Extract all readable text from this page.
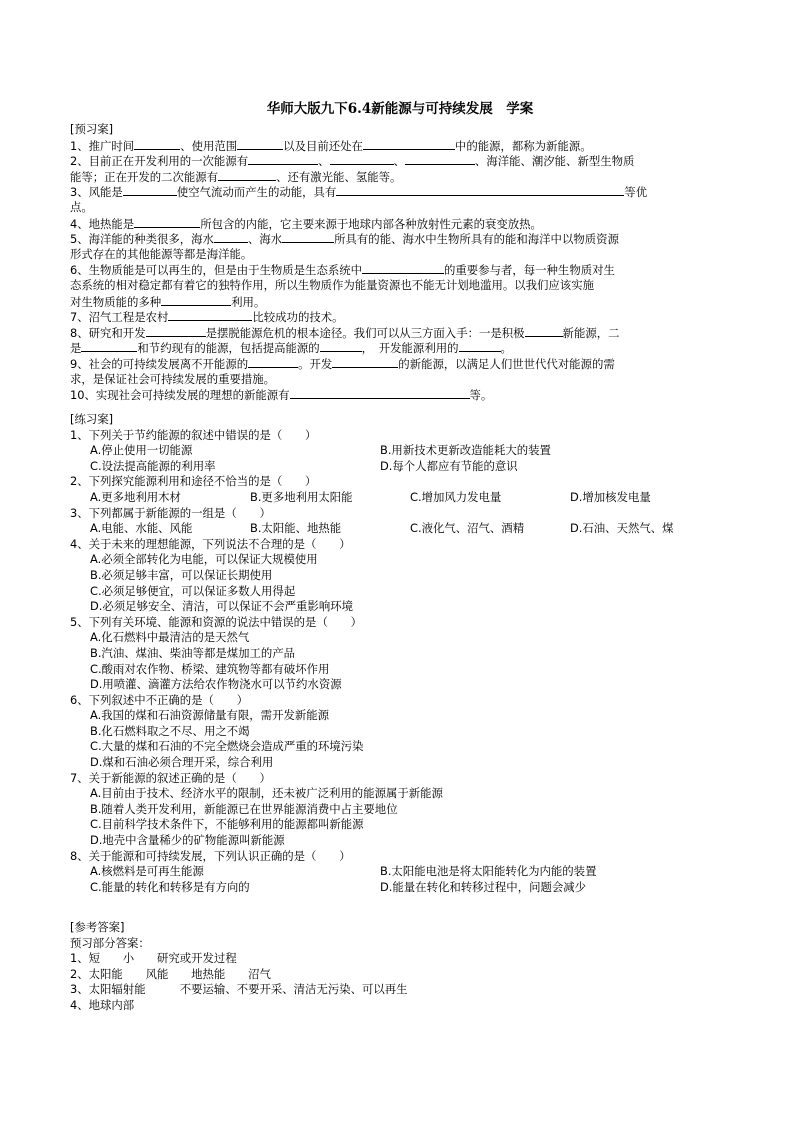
华师大版九下6.4新能源与可持续发展　学案
[预习案]
1、推广时间	、使用范围	以及目前还处在	中的能源，都称为新能源。
2、目前正在开发利用的一次能源有	、	、	、海洋能、潮汐能、新型生物质
能等；正在开发的二次能源有	、还有激光能、氢能等。
3、风能是	使空气流动而产生的动能，具有	等优
点。
4、地热能是	所包含的内能，它主要来源于地球内部各种放射性元素的衰变放热。
5、海洋能的种类很多，海水	、海水	所具有的能、海水中生物所具有的能和海洋中以物质资源
形式存在的其他能源等都是海洋能。
6、生物质能是可以再生的，但是由于生物质是生态系统中	的重要参与者，每一种生物质对生
态系统的相对稳定都有着它的独特作用，所以生物质作为能量资源也不能无计划地滥用。以我们应该实施
对生物质能的多种	利用。
7、沼气工程是农村	比较成功的技术。
8、研究和开发	是摆脱能源危机的根本途径。我们可以从三方面入手：一是积极	新能源，二
是	和节约现有的能源，包括提高能源的	，　开发能源利用的	。
9、社会的可持续发展离不开能源的	。开发	的新能源，以满足人们世世代代对能源的需
求，是保证社会可持续发展的重要措施。
10、实现社会可持续发展的理想的新能源有	等。
[练习案]
1、下列关于节约能源的叙述中错误的是（　　）
A.停止使用一切能源	B.用新技术更新改造能耗大的装置
C.设法提高能源的利用率	D.每个人都应有节能的意识
2、下列探究能源利用和途径不恰当的是（　　）
A.更多地利用木材	B.更多地利用太阳能	C.增加风力发电量	D.增加核发电量
3、下列都属于新能源的一组是（　　）
A.电能、水能、风能	B.太阳能、地热能	C.液化气、沼气、酒精	D.石油、天然气、煤
4、关于未来的理想能源，下列说法不合理的是（　　）
A.必须全部转化为电能，可以保证大规模使用
B.必须足够丰富，可以保证长期使用
C.必须足够便宜，可以保证多数人用得起
D.必须足够安全、清洁，可以保证不会严重影响环境
5、下列有关环境、能源和资源的说法中错误的是（　　）
A.化石燃料中最清洁的是天然气
B.汽油、煤油、柴油等都是煤加工的产品
C.酸雨对农作物、桥梁、建筑物等都有破坏作用
D.用喷灌、滴灌方法给农作物浇水可以节约水资源
6、下列叙述中不正确的是（　　）
A.我国的煤和石油资源储量有限，需开发新能源
B.化石燃料取之不尽、用之不竭
C.大量的煤和石油的不完全燃烧会造成严重的环境污染
D.煤和石油必须合理开采，综合利用
7、关于新能源的叙述正确的是（　　）
A.目前由于技术、经济水平的限制，还未被广泛利用的能源属于新能源
B.随着人类开发利用，新能源已在世界能源消费中占主要地位
C.目前科学技术条件下，不能够利用的能源都叫新能源
D.地壳中含量稀少的矿物能源叫新能源
8、关于能源和可持续发展，下列认识正确的是（　　）
A.核燃料是可再生能源	B.太阳能电池是将太阳能转化为内能的装置
C.能量的转化和转移是有方向的	D.能量在转化和转移过程中，问题会减少
[参考答案]
预习部分答案：
1、短　　小　　研究或开发过程
2、太阳能　　风能　　地热能　　沼气
3、太阳辐射能　　　不要运输、不要开采、清洁无污染、可以再生
4、地球内部
